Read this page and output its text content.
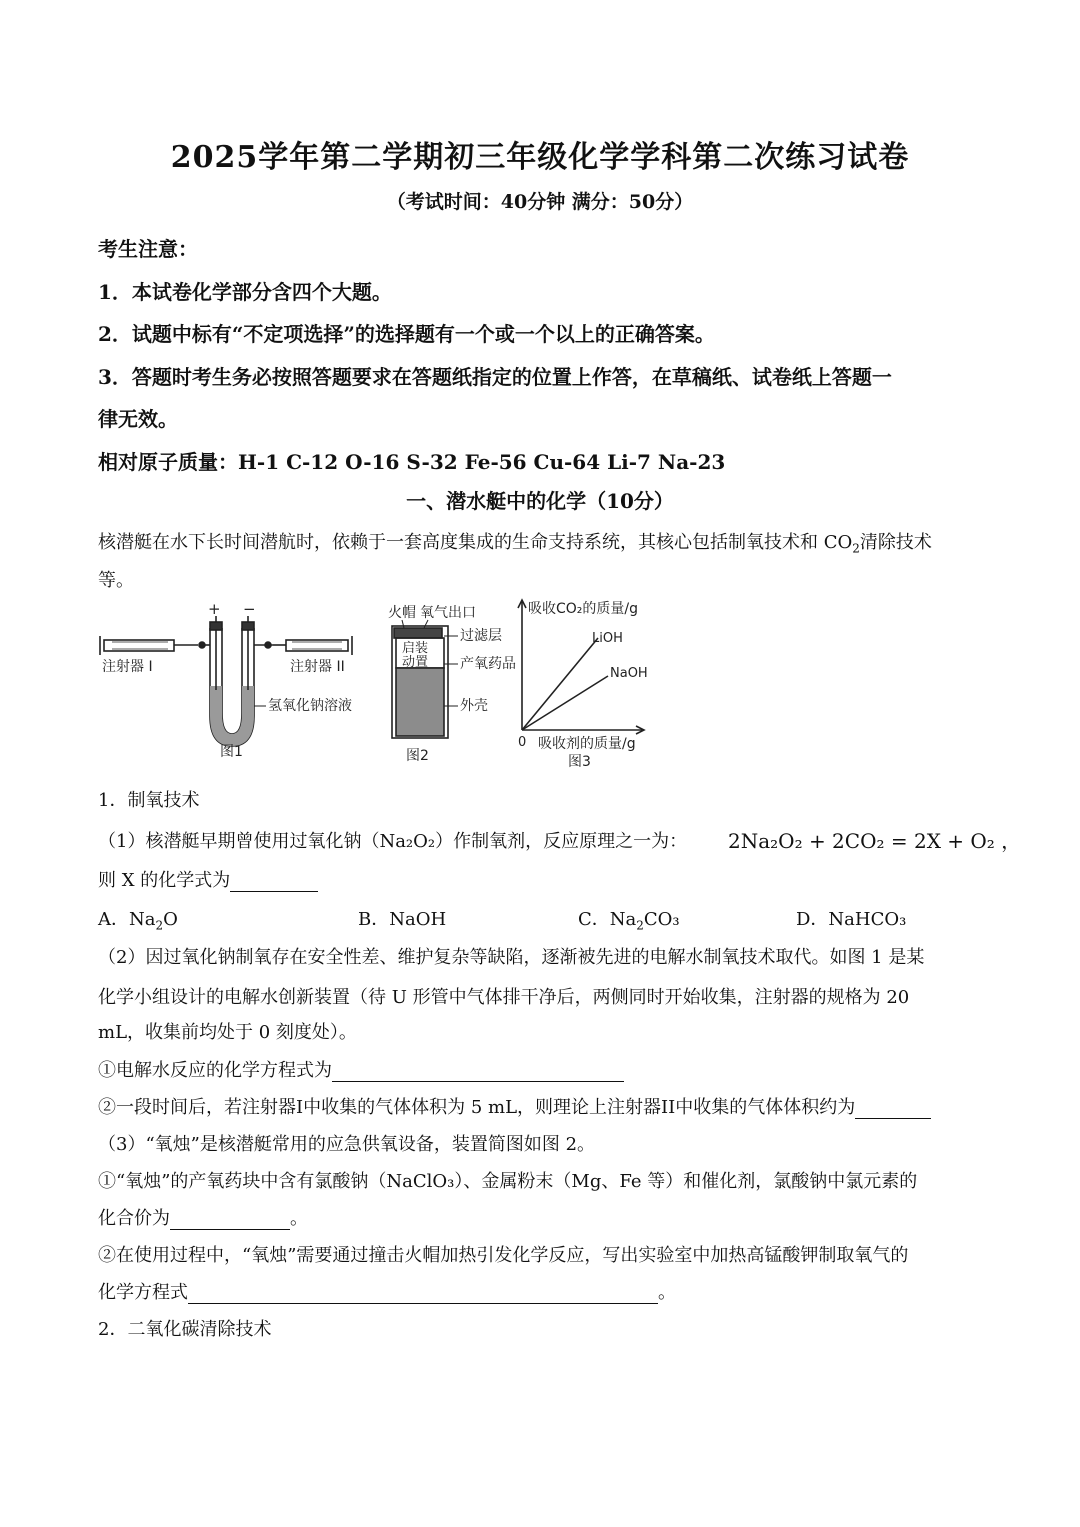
2025学年第二学期初三年级化学学科第二次练习试卷
（考试时间：40分钟 满分：50分）
考生注意：
1．本试卷化学部分含四个大题。
2．试题中标有“不定项选择”的选择题有一个或一个以上的正确答案。
3．答题时考生务必按照答题要求在答题纸指定的位置上作答，在草稿纸、试卷纸上答题一
律无效。
相对原子质量：H-1 C-12 O-16 S-32 Fe-56 Cu-64 Li-7 Na-23
一、潜水艇中的化学（10分）
核潜艇在水下长时间潜航时，依赖于一套高度集成的生命支持系统，其核心包括制氧技术和 $CO_2$清除技术
等。
+ −
注射器 I	注射器 II
氢氧化钠溶液
图1
火帽 氧气出口
过滤层
产氧药品
外壳
启装
动置
图2
吸收CO₂的质量/g
LiOH
NaOH
0 吸收剂的质量/g
图3
1．制氧技术
（1）核潜艇早期曾使用过氧化钠（Na₂O₂）作制氧剂，反应原理之一为： 2Na₂O₂ + 2CO₂ = 2X + O₂ ，
则 X 的化学式为
A．$Na_2O$	B．NaOH	C．$Na_2CO_3$	D．NaHCO₃
（2）因过氧化钠制氧存在安全性差、维护复杂等缺陷，逐渐被先进的电解水制氧技术取代。如图 1 是某
化学小组设计的电解水创新装置（待 U 形管中气体排干净后，两侧同时开始收集，注射器的规格为 20
mL，收集前均处于 0 刻度处）。
①电解水反应的化学方程式为
②一段时间后，若注射器I中收集的气体体积为 5 mL，则理论上注射器II中收集的气体体积约为
（3）“氧烛”是核潜艇常用的应急供氧设备，装置简图如图 2。
①“氧烛”的产氧药块中含有氯酸钠（NaClO₃）、金属粉末（Mg、Fe 等）和催化剂，氯酸钠中氯元素的
化合价为	。
②在使用过程中，“氧烛”需要通过撞击火帽加热引发化学反应，写出实验室中加热高锰酸钾制取氧气的
化学方程式	。
2．二氧化碳清除技术
